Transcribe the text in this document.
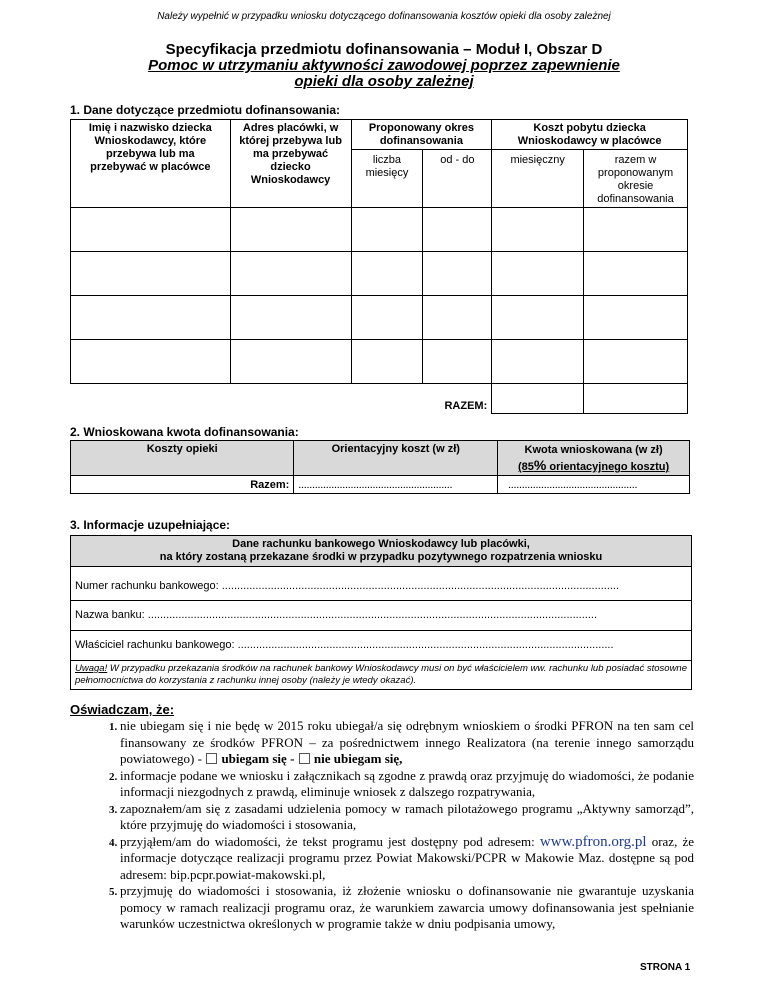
Należy wypełnić w przypadku wniosku dotyczącego dofinansowania kosztów opieki dla osoby zależnej
Specyfikacja przedmiotu dofinansowania – Moduł I, Obszar D
Pomoc w utrzymaniu aktywności zawodowej poprzez zapewnienie
opieki dla osoby zależnej
1. Dane dotyczące przedmiotu dofinansowania:
Imię i nazwisko dziecka Wnioskodawcy, które przebywa lub ma przebywać w placówce	Adres placówki, w której przebywa lub ma przebywać dziecko Wnioskodawcy	Proponowany okres dofinansowania		Koszt pobytu dziecka Wnioskodawcy w placówce	

		liczba miesięcy	od - do	miesięczny	razem w proponowanym okresie dofinansowania

RAZEM:					
2. Wnioskowana kwota dofinansowania:
Koszty opieki	Orientacyjny koszt (w zł)	Kwota wnioskowana (w zł)
(85% orientacyjnego kosztu)

Razem:	........................................................	...............................................
3. Informacje uzupełniające:
Dane rachunku bankowego Wnioskodawcy lub placówki,
na który zostaną przekazane środki w przypadku pozytywnego rozpatrzenia wniosku
Numer rachunku bankowego: ..................................................................................................................................
Nazwa banku: ...................................................................................................................................................
Właściciel rachunku bankowego: ...........................................................................................................................
Uwaga! W przypadku przekazania środków na rachunek bankowy Wnioskodawcy musi on być właścicielem ww. rachunku lub posiadać stosowne pełnomocnictwa do korzystania z rachunku innej osoby (należy je wtedy okazać).
Oświadczam, że:
1. nie ubiegam się i nie będę w 2015 roku ubiegał/a się odrębnym wnioskiem o środki PFRON na ten sam cel finansowany ze środków PFRON – za pośrednictwem innego Realizatora (na terenie innego samorządu powiatowego) -  ubiegam się -  nie ubiegam się,
2. informacje podane we wniosku i załącznikach są zgodne z prawdą oraz przyjmuję do wiadomości, że podanie informacji niezgodnych z prawdą, eliminuje wniosek z dalszego rozpatrywania,
3. zapoznałem/am się z zasadami udzielenia pomocy w ramach pilotażowego programu „Aktywny samorząd”, które przyjmuję do wiadomości i stosowania,
4. przyjąłem/am do wiadomości, że tekst programu jest dostępny pod adresem: www.pfron.org.pl oraz, że informacje dotyczące realizacji programu przez Powiat Makowski/PCPR w Makowie Maz. dostępne są pod adresem: bip.pcpr.powiat-makowski.pl,
5. przyjmuję do wiadomości i stosowania, iż złożenie wniosku o dofinansowanie nie gwarantuje uzyskania pomocy w ramach realizacji programu oraz, że warunkiem zawarcia umowy dofinansowania jest spełnianie warunków uczestnictwa określonych w programie także w dniu podpisania umowy,
STRONA 1
